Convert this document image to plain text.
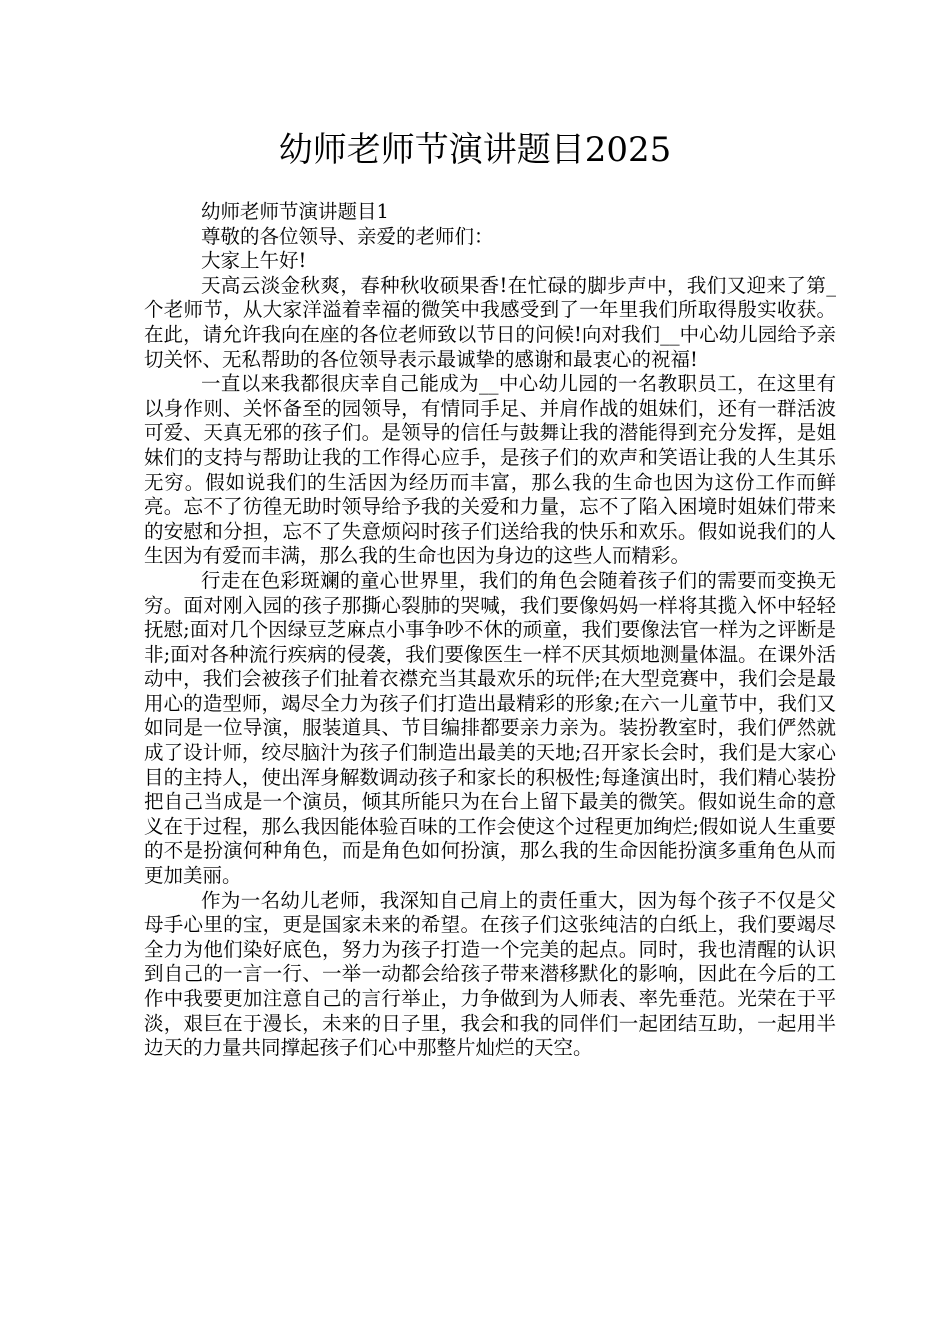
幼师老师节演讲题目2025

幼师老师节演讲题目1

尊敬的各位领导、亲爱的老师们：

大家上午好!

天高云淡金秋爽，春种秋收硕果香!在忙碌的脚步声中，我们又迎来了第_个老师节，从大家洋溢着幸福的微笑中我感受到了一年里我们所取得殷实收获。在此，请允许我向在座的各位老师致以节日的问候!向对我们__中心幼儿园给予亲切关怀、无私帮助的各位领导表示最诚挚的感谢和最衷心的祝福!

一直以来我都很庆幸自己能成为__中心幼儿园的一名教职员工，在这里有以身作则、关怀备至的园领导，有情同手足、并肩作战的姐妹们，还有一群活波可爱、天真无邪的孩子们。是领导的信任与鼓舞让我的潜能得到充分发挥，是姐妹们的支持与帮助让我的工作得心应手，是孩子们的欢声和笑语让我的人生其乐无穷。假如说我们的生活因为经历而丰富，那么我的生命也因为这份工作而鲜亮。忘不了彷徨无助时领导给予我的关爱和力量，忘不了陷入困境时姐妹们带来的安慰和分担，忘不了失意烦闷时孩子们送给我的快乐和欢乐。假如说我们的人生因为有爱而丰满，那么我的生命也因为身边的这些人而精彩。

行走在色彩斑斓的童心世界里，我们的角色会随着孩子们的需要而变换无穷。面对刚入园的孩子那撕心裂肺的哭喊，我们要像妈妈一样将其揽入怀中轻轻抚慰;面对几个因绿豆芝麻点小事争吵不休的顽童，我们要像法官一样为之评断是非;面对各种流行疾病的侵袭，我们要像医生一样不厌其烦地测量体温。在课外活动中，我们会被孩子们扯着衣襟充当其最欢乐的玩伴;在大型竞赛中，我们会是最用心的造型师，竭尽全力为孩子们打造出最精彩的形象;在六一儿童节中，我们又如同是一位导演，服装道具、节目编排都要亲力亲为。装扮教室时，我们俨然就成了设计师，绞尽脑汁为孩子们制造出最美的天地;召开家长会时，我们是大家心目的主持人，使出浑身解数调动孩子和家长的积极性;每逢演出时，我们精心装扮把自己当成是一个演员，倾其所能只为在台上留下最美的微笑。假如说生命的意义在于过程，那么我因能体验百味的工作会使这个过程更加绚烂;假如说人生重要的不是扮演何种角色，而是角色如何扮演，那么我的生命因能扮演多重角色从而更加美丽。

作为一名幼儿老师，我深知自己肩上的责任重大，因为每个孩子不仅是父母手心里的宝，更是国家未来的希望。在孩子们这张纯洁的白纸上，我们要竭尽全力为他们染好底色，努力为孩子打造一个完美的起点。同时，我也清醒的认识到自己的一言一行、一举一动都会给孩子带来潜移默化的影响，因此在今后的工作中我要更加注意自己的言行举止，力争做到为人师表、率先垂范。光荣在于平淡，艰巨在于漫长，未来的日子里，我会和我的同伴们一起团结互助，一起用半边天的力量共同撑起孩子们心中那整片灿烂的天空。
